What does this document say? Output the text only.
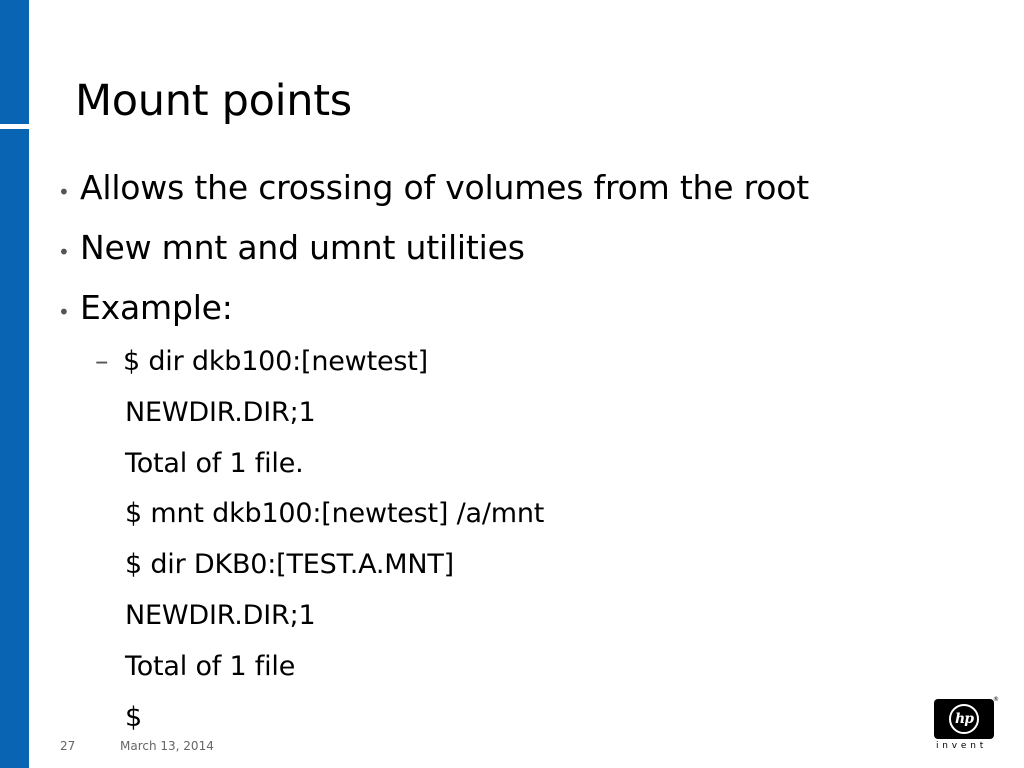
Mount points
• Allows the crossing of volumes from the root
• New mnt and umnt utilities
• Example:
– $ dir dkb100:[newtest]
NEWDIR.DIR;1
Total of 1 file.
$ mnt dkb100:[newtest] /a/mnt
$ dir DKB0:[TEST.A.MNT]
NEWDIR.DIR;1
Total of 1 file
$
27	March 13, 2014
hp
®
invent
